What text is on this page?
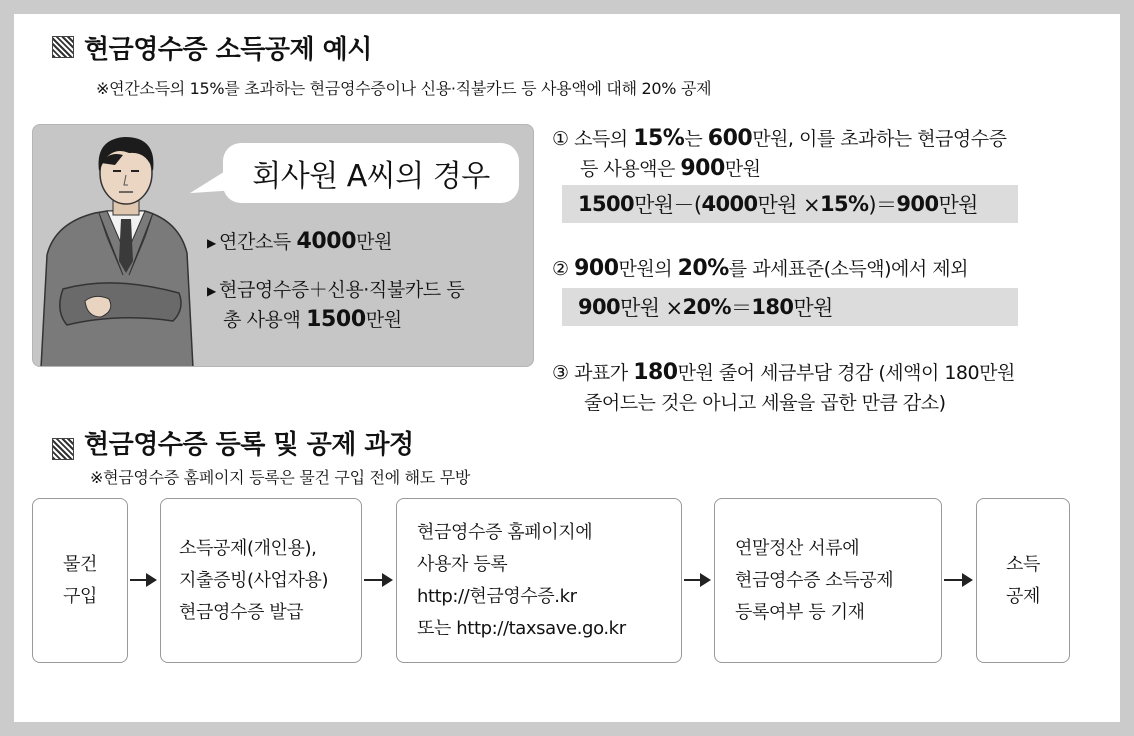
현금영수증 소득공제 예시
※연간소득의 15%를 초과하는 현금영수증이나 신용·직불카드 등 사용액에 대해 20% 공제
회사원 A씨의 경우
▶ 연간소득 4000만원
▶ 현금영수증＋신용·직불카드 등
총 사용액 1500만원
① 소득의 15%는 600만원, 이를 초과하는 현금영수증
등 사용액은 900만원
1500 만원－( 4000 만원 × 15% )＝ 900 만원
② 900만원의 20%를 과세표준(소득액)에서 제외
900 만원 × 20% ＝ 180 만원
③ 과표가 180만원 줄어 세금부담 경감 (세액이 180만원
줄어드는 것은 아니고 세율을 곱한 만큼 감소)
현금영수증 등록 및 공제 과정
※현금영수증 홈페이지 등록은 물건 구입 전에 해도 무방
물건
구입
소득공제(개인용),
지출증빙(사업자용)
현금영수증 발급
현금영수증 홈페이지에
사용자 등록
http://현금영수증.kr
또는 http://taxsave.go.kr
연말정산 서류에
현금영수증 소득공제
등록여부 등 기재
소득
공제
